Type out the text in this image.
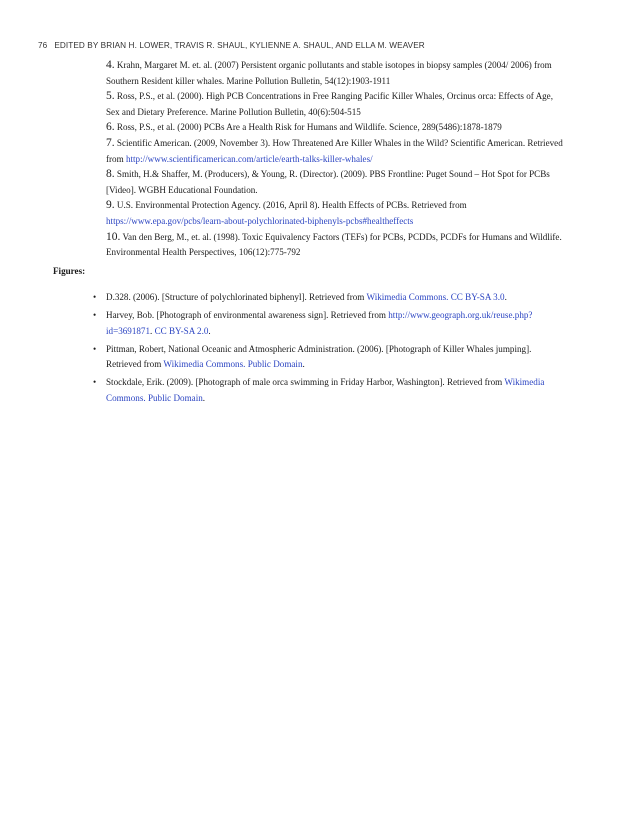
76 EDITED BY BRIAN H. LOWER, TRAVIS R. SHAUL, KYLIENNE A. SHAUL, AND ELLA M. WEAVER
4. Krahn, Margaret M. et. al. (2007) Persistent organic pollutants and stable isotopes in biopsy samples (2004/ 2006) from Southern Resident killer whales. Marine Pollution Bulletin, 54(12):1903-1911
5. Ross, P.S., et al. (2000). High PCB Concentrations in Free Ranging Pacific Killer Whales, Orcinus orca: Effects of Age, Sex and Dietary Preference. Marine Pollution Bulletin, 40(6):504-515
6. Ross, P.S., et al. (2000) PCBs Are a Health Risk for Humans and Wildlife. Science, 289(5486):1878-1879
7. Scientific American. (2009, November 3). How Threatened Are Killer Whales in the Wild? Scientific American. Retrieved from http://www.scientificamerican.com/article/earth-talks-killer-whales/
8. Smith, H.& Shaffer, M. (Producers), & Young, R. (Director). (2009). PBS Frontline: Puget Sound – Hot Spot for PCBs [Video]. WGBH Educational Foundation.
9. U.S. Environmental Protection Agency. (2016, April 8). Health Effects of PCBs. Retrieved from https://www.epa.gov/pcbs/learn-about-polychlorinated-biphenyls-pcbs#healtheffects
10. Van den Berg, M., et. al. (1998). Toxic Equivalency Factors (TEFs) for PCBs, PCDDs, PCDFs for Humans and Wildlife. Environmental Health Perspectives, 106(12):775-792

Figures:

• D.328. (2006). [Structure of polychlorinated biphenyl]. Retrieved from Wikimedia Commons. CC BY-SA 3.0.
• Harvey, Bob. [Photograph of environmental awareness sign]. Retrieved from http://www.geograph.org.uk/reuse.php?id=3691871. CC BY-SA 2.0.
• Pittman, Robert, National Oceanic and Atmospheric Administration. (2006). [Photograph of Killer Whales jumping]. Retrieved from Wikimedia Commons. Public Domain.
• Stockdale, Erik. (2009). [Photograph of male orca swimming in Friday Harbor, Washington]. Retrieved from Wikimedia Commons. Public Domain.
